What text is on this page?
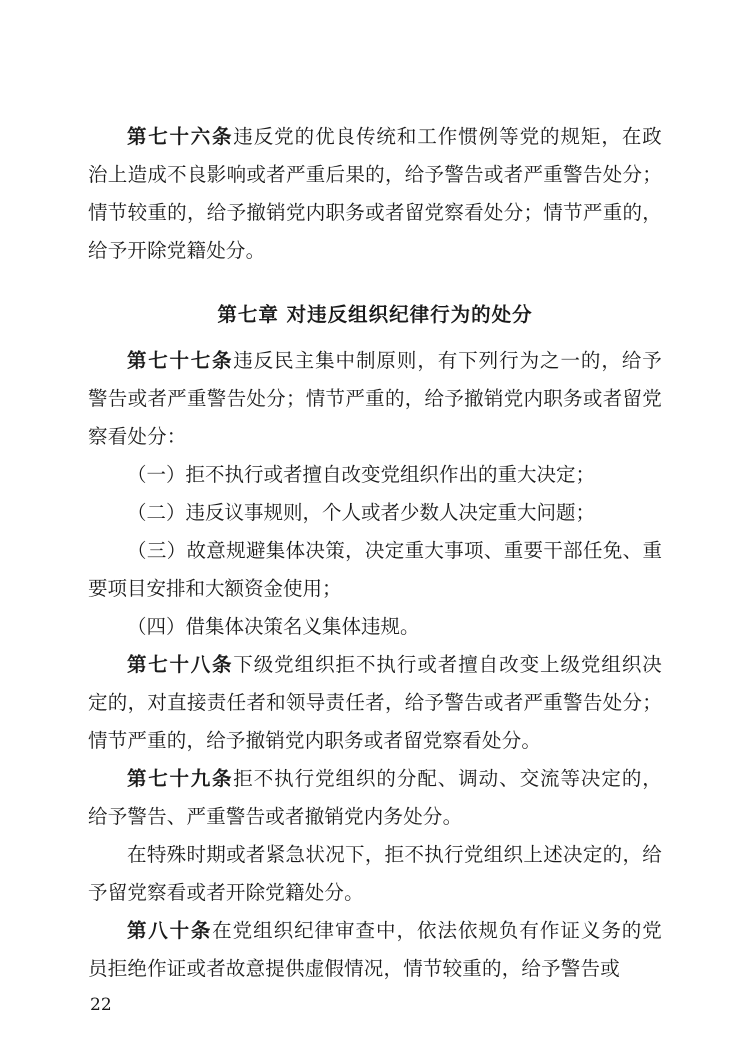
第七十六条违反党的优良传统和工作惯例等党的规矩，在政治上造成不良影响或者严重后果的，给予警告或者严重警告处分；情节较重的，给予撤销党内职务或者留党察看处分；情节严重的，给予开除党籍处分。

第七章 对违反组织纪律行为的处分

第七十七条违反民主集中制原则，有下列行为之一的，给予警告或者严重警告处分；情节严重的，给予撤销党内职务或者留党察看处分：

（一）拒不执行或者擅自改变党组织作出的重大决定；

（二）违反议事规则，个人或者少数人决定重大问题；

（三）故意规避集体决策，决定重大事项、重要干部任免、重要项目安排和大额资金使用；

（四）借集体决策名义集体违规。

第七十八条下级党组织拒不执行或者擅自改变上级党组织决定的，对直接责任者和领导责任者，给予警告或者严重警告处分；情节严重的，给予撤销党内职务或者留党察看处分。

第七十九条拒不执行党组织的分配、调动、交流等决定的，给予警告、严重警告或者撤销党内务处分。

在特殊时期或者紧急状况下，拒不执行党组织上述决定的，给予留党察看或者开除党籍处分。

第八十条在党组织纪律审查中，依法依规负有作证义务的党员拒绝作证或者故意提供虚假情况，情节较重的，给予警告或

22
